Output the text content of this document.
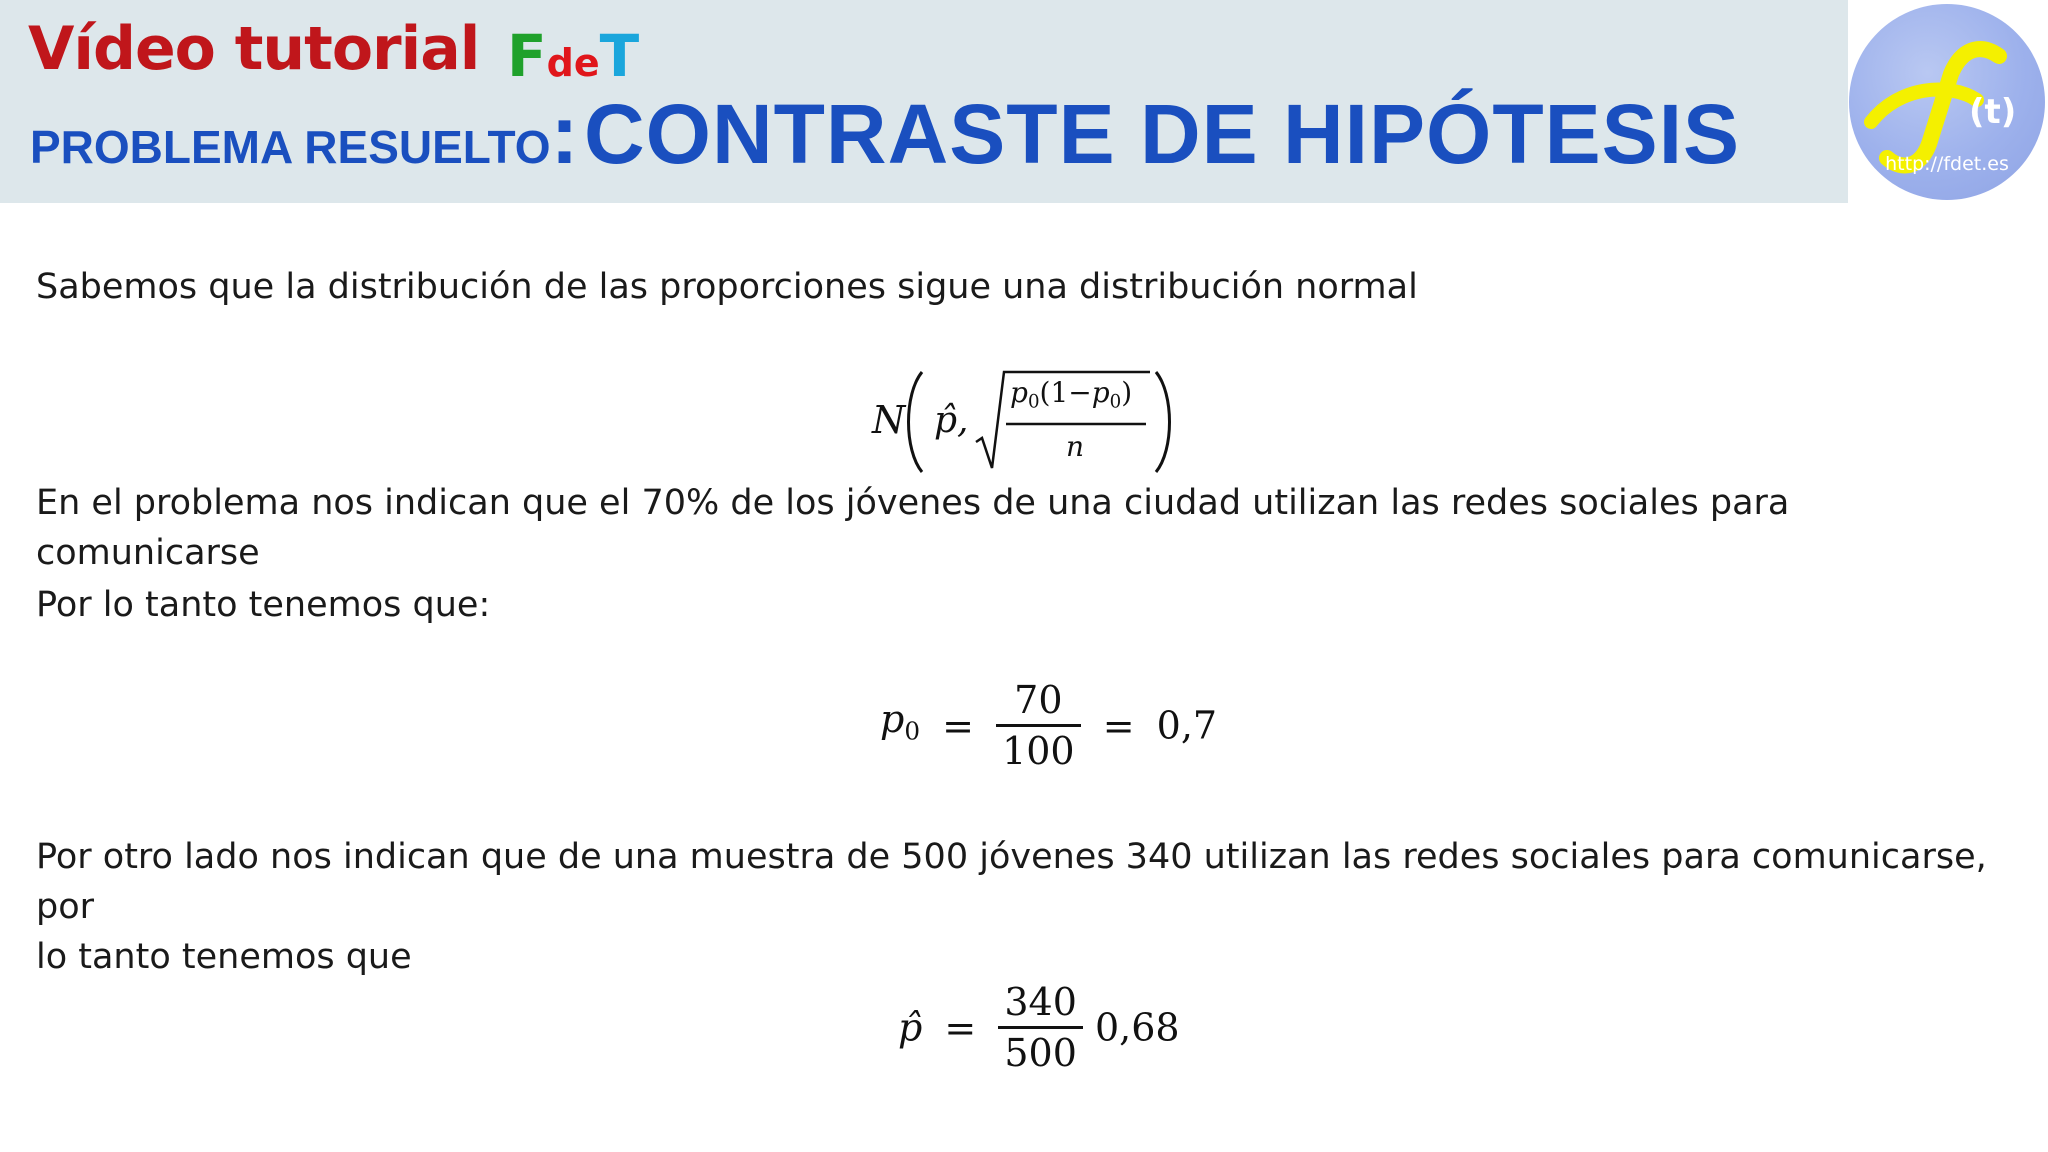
Vídeo tutorial FdeT
PROBLEMA RESUELTO: CONTRASTE DE HIPÓTESIS	(t)
http://fdet.es
Sabemos que la distribución de las proporciones sigue una distribución normal
N p̂,
p0(1−p0)
n
En el problema nos indican que el 70% de los jóvenes de una ciudad utilizan las redes sociales para comunicarse
Por lo tanto tenemos que:
$p0 = \frac{70}{100} = 0,7$
Por otro lado nos indican que de una muestra de 500 jóvenes 340 utilizan las redes sociales para comunicarse, por
lo tanto tenemos que
p̂ = $\frac{340}{500} 0,68$
